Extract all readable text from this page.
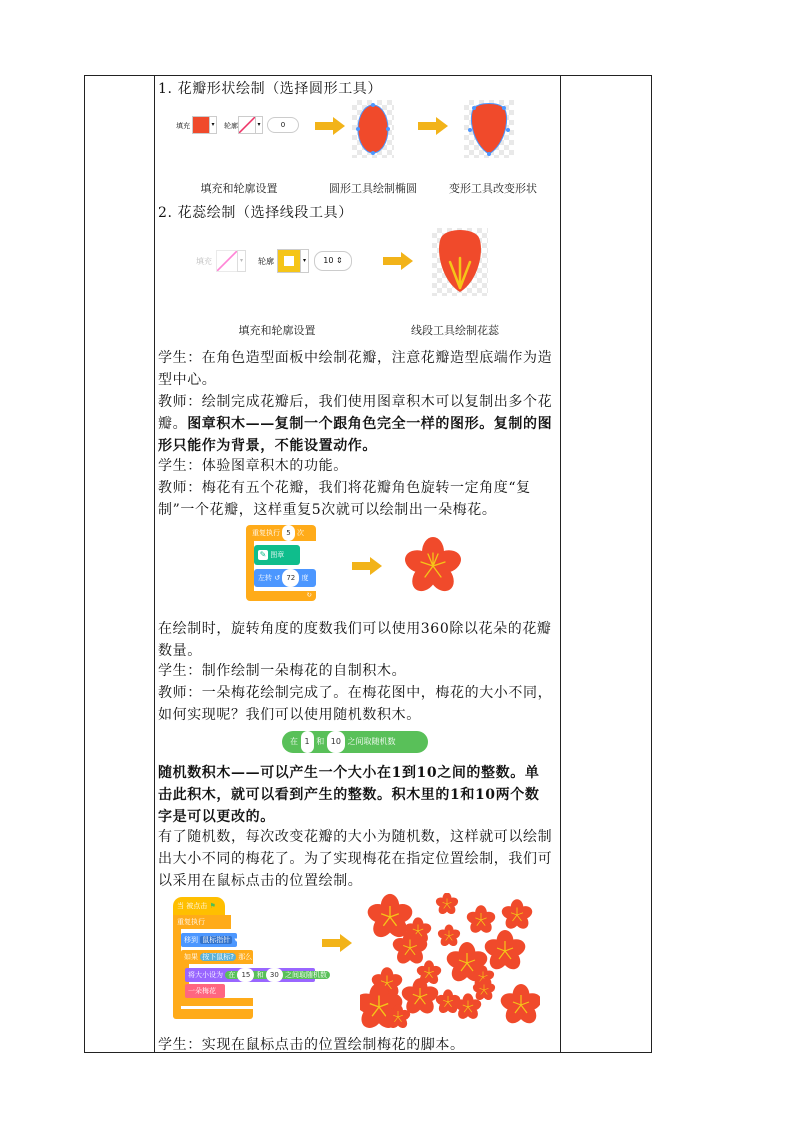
1. 花瓣形状绘制（选择圆形工具）
填充	▾	轮廓	▾	0
填充和轮廓设置	圆形工具绘制椭圆	变形工具改变形状
2. 花蕊绘制（选择线段工具）
填充	▾	轮廓	▾	10 ⇕
填充和轮廓设置	线段工具绘制花蕊
学生：在角色造型面板中绘制花瓣，注意花瓣造型底端作为造型中心。
教师：绘制完成花瓣后，我们使用图章积木可以复制出多个花瓣。图章积木——复制一个跟角色完全一样的图形。复制的图形只能作为背景，不能设置动作。
学生：体验图章积木的功能。
教师：梅花有五个花瓣，我们将花瓣角色旋转一定角度“复制”一个花瓣，这样重复5次就可以绘制出一朵梅花。
重复执行 5 次
✎ 图章
左转 ↺ 72 度
↻
在绘制时，旋转角度的度数我们可以使用360除以花朵的花瓣数量。
学生：制作绘制一朵梅花的自制积木。
教师：一朵梅花绘制完成了。在梅花图中，梅花的大小不同，如何实现呢？我们可以使用随机数积木。
在 1 和 10 之间取随机数
随机数积木——可以产生一个大小在1到10之间的整数。单击此积木，就可以看到产生的整数。积木里的1和10两个数字是可以更改的。
有了随机数，每次改变花瓣的大小为随机数，这样就可以绘制出大小不同的梅花了。为了实现梅花在指定位置绘制，我们可以采用在鼠标点击的位置绘制。
当 被点击 ⚑
重复执行
移到 鼠标指针 ▾
如果 按下鼠标? 那么
将大小设为 在 15 和 30 之间取随机数
一朵梅花
学生：实现在鼠标点击的位置绘制梅花的脚本。
